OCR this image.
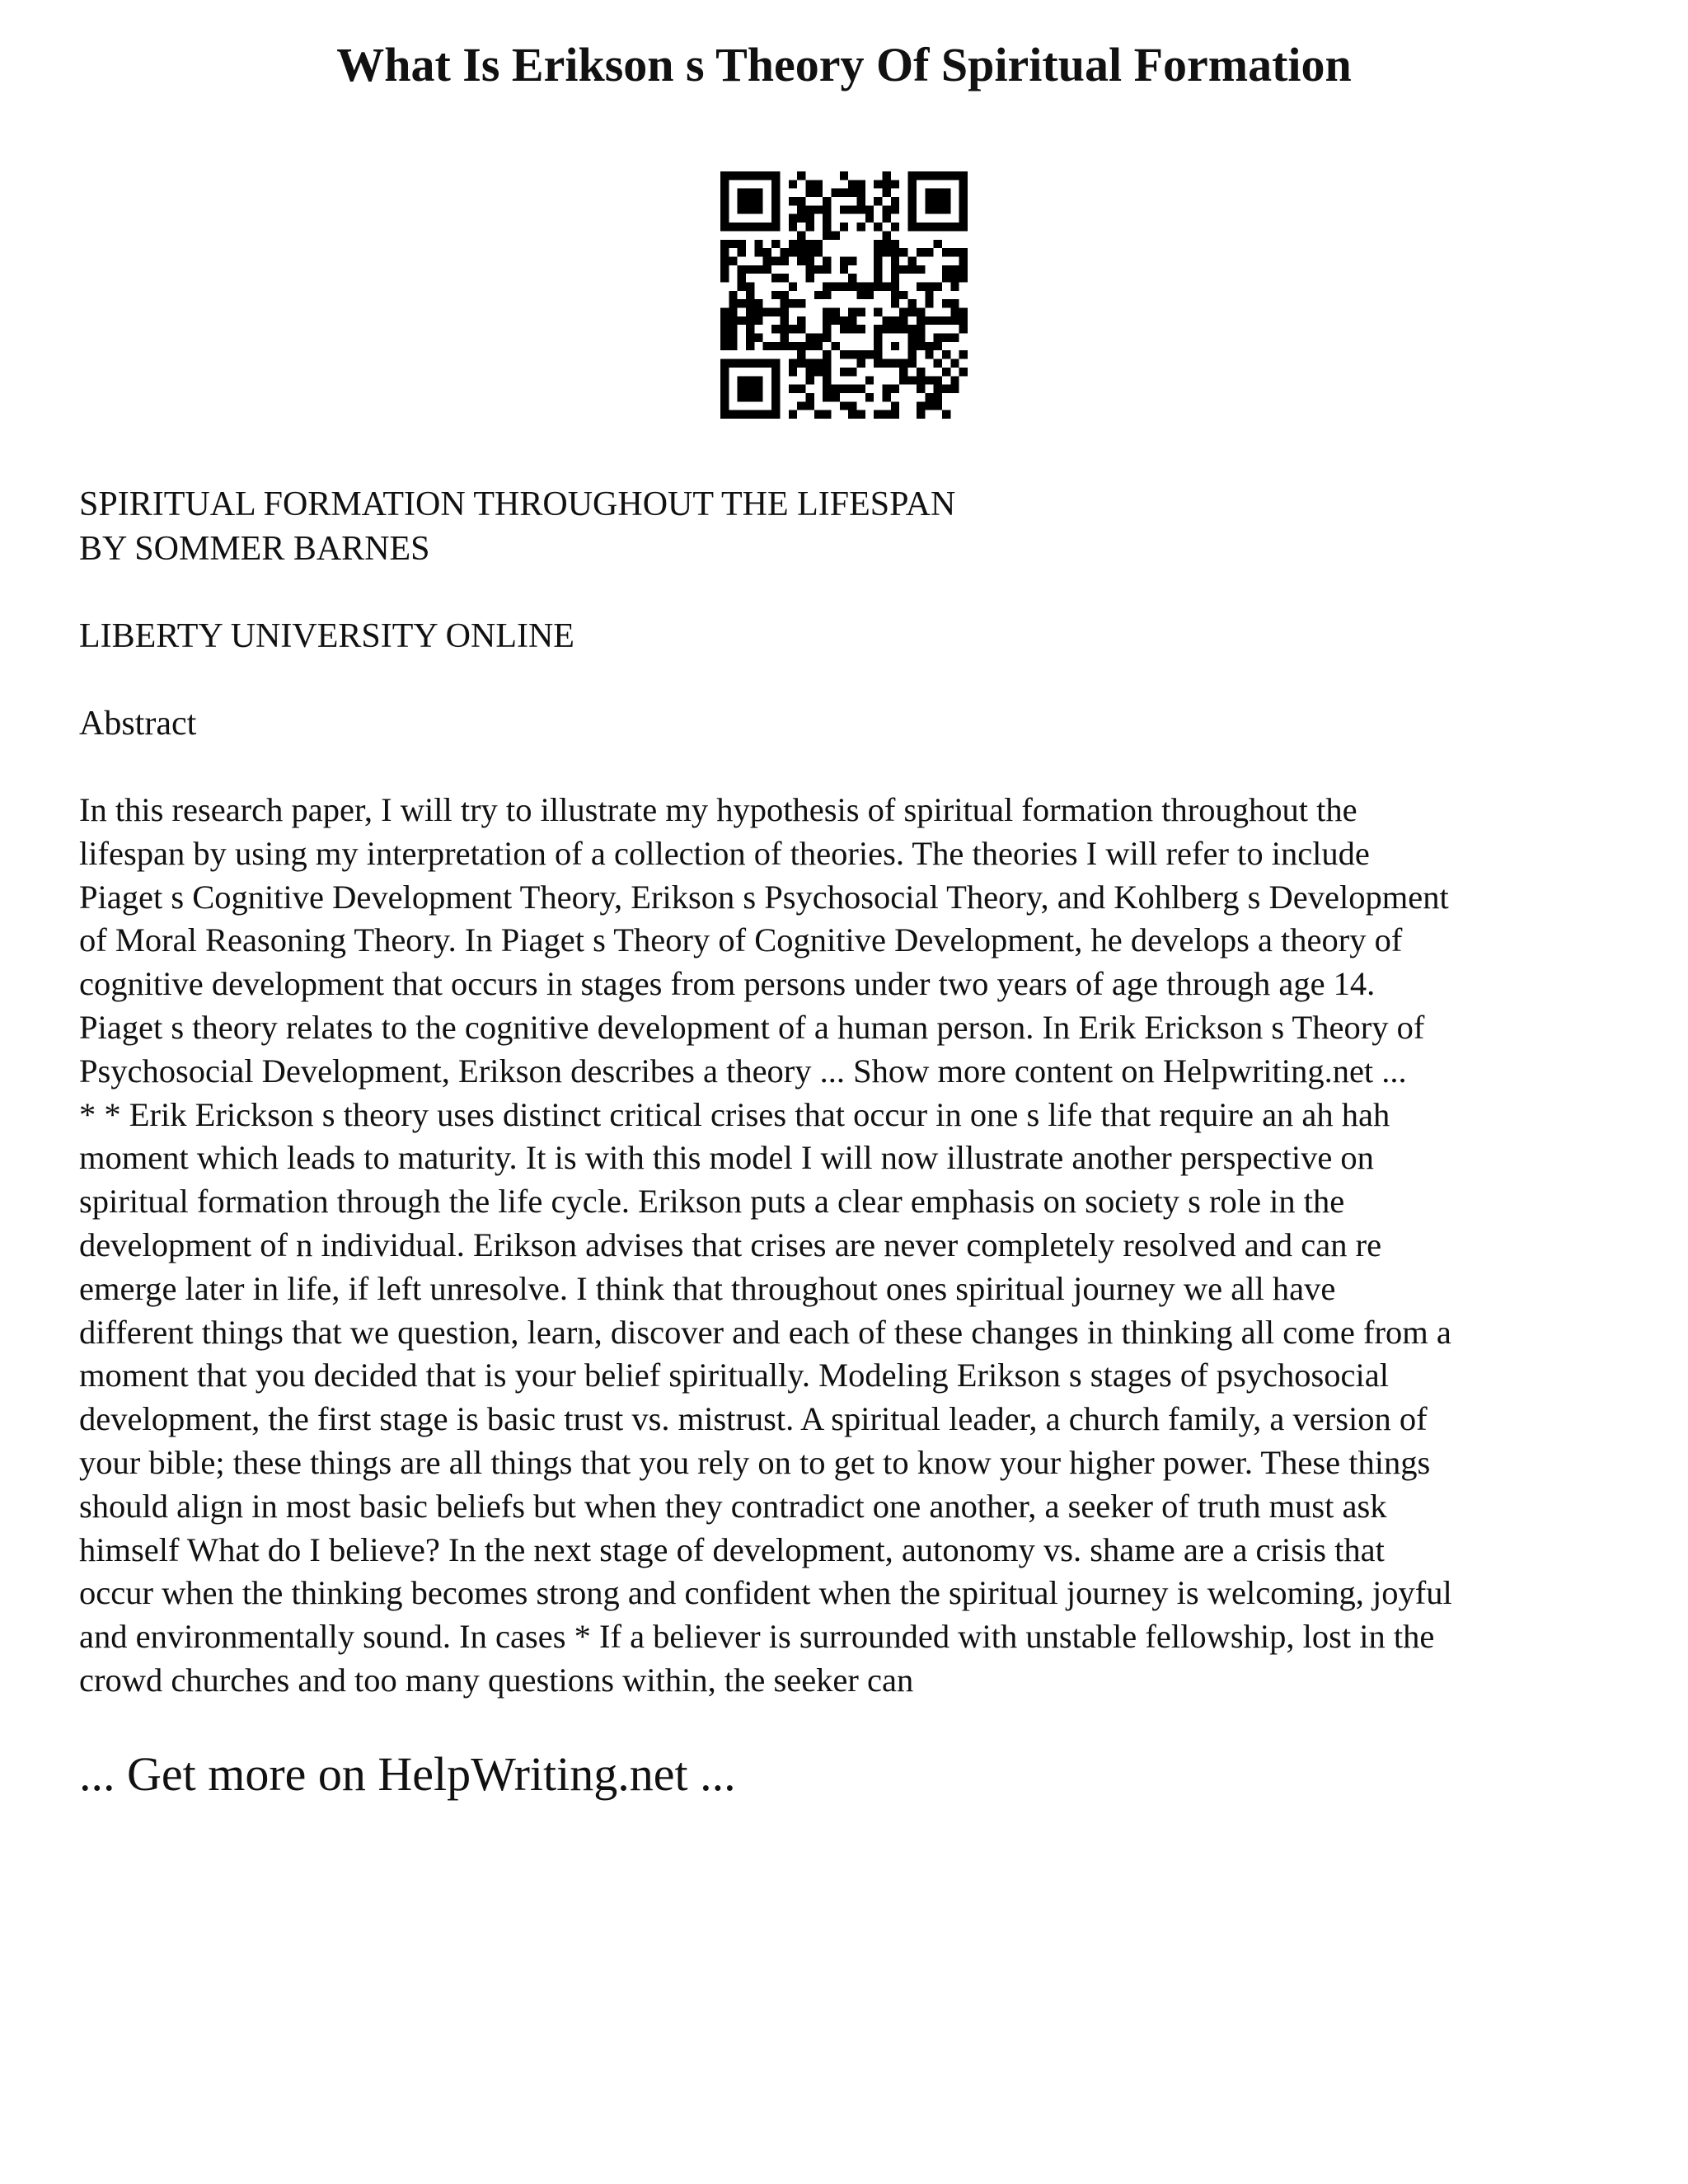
What Is Erikson s Theory Of Spiritual Formation

SPIRITUAL FORMATION THROUGHOUT THE LIFESPAN

BY SOMMER BARNES

LIBERTY UNIVERSITY ONLINE

Abstract

In this research paper, I will try to illustrate my hypothesis of spiritual formation throughout the
lifespan by using my interpretation of a collection of theories. The theories I will refer to include
Piaget s Cognitive Development Theory, Erikson s Psychosocial Theory, and Kohlberg s Development
of Moral Reasoning Theory. In Piaget s Theory of Cognitive Development, he develops a theory of
cognitive development that occurs in stages from persons under two years of age through age 14.
Piaget s theory relates to the cognitive development of a human person. In Erik Erickson s Theory of
Psychosocial Development, Erikson describes a theory ... Show more content on Helpwriting.net ...
* * Erik Erickson s theory uses distinct critical crises that occur in one s life that require an ah hah
moment which leads to maturity. It is with this model I will now illustrate another perspective on
spiritual formation through the life cycle. Erikson puts a clear emphasis on society s role in the
development of n individual. Erikson advises that crises are never completely resolved and can re
emerge later in life, if left unresolve. I think that throughout ones spiritual journey we all have
different things that we question, learn, discover and each of these changes in thinking all come from a
moment that you decided that is your belief spiritually. Modeling Erikson s stages of psychosocial
development, the first stage is basic trust vs. mistrust. A spiritual leader, a church family, a version of
your bible; these things are all things that you rely on to get to know your higher power. These things
should align in most basic beliefs but when they contradict one another, a seeker of truth must ask
himself What do I believe? In the next stage of development, autonomy vs. shame are a crisis that
occur when the thinking becomes strong and confident when the spiritual journey is welcoming, joyful
and environmentally sound. In cases * If a believer is surrounded with unstable fellowship, lost in the
crowd churches and too many questions within, the seeker can
... Get more on HelpWriting.net ...
